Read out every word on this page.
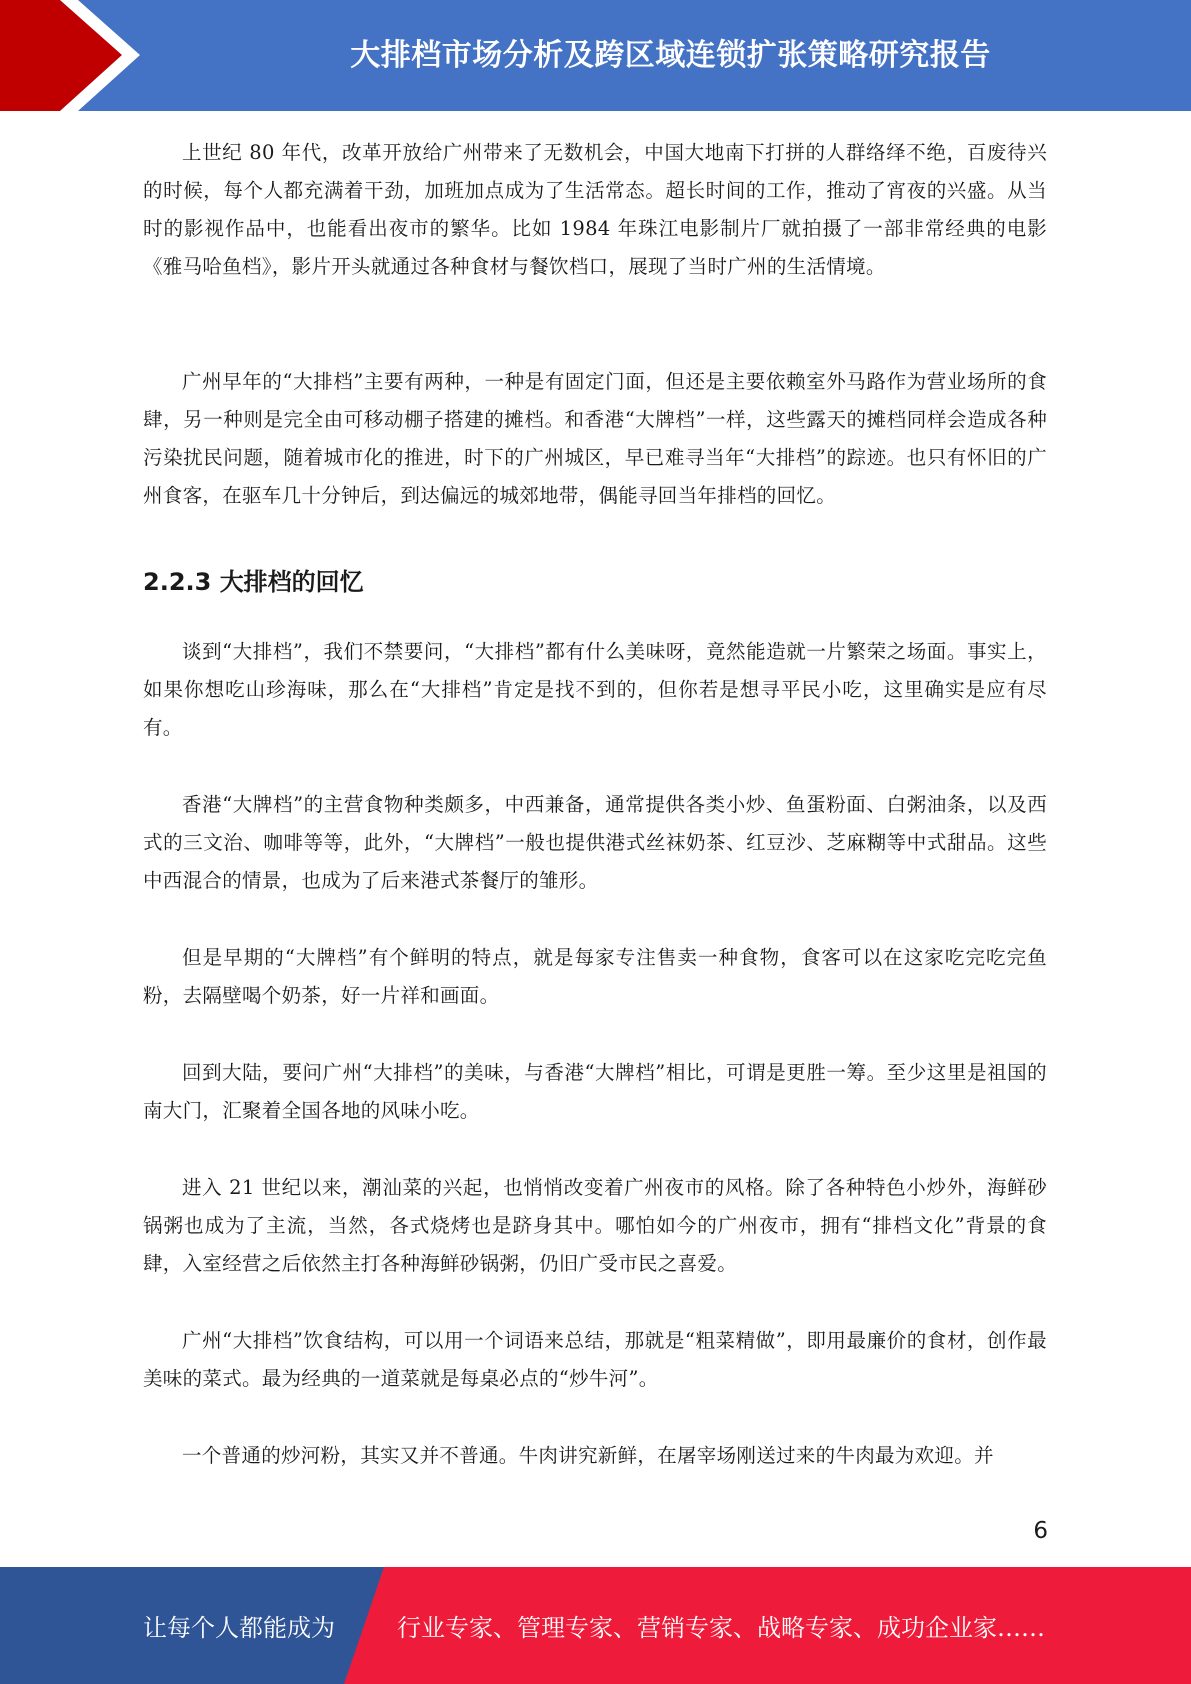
大排档市场分析及跨区域连锁扩张策略研究报告

上世纪 80 年代，改革开放给广州带来了无数机会，中国大地南下打拼的人群络绎不绝，百废待兴的时候，每个人都充满着干劲，加班加点成为了生活常态。超长时间的工作，推动了宵夜的兴盛。从当时的影视作品中，也能看出夜市的繁华。比如 1984 年珠江电影制片厂就拍摄了一部非常经典的电影《雅马哈鱼档》，影片开头就通过各种食材与餐饮档口，展现了当时广州的生活情境。

广州早年的“大排档”主要有两种，一种是有固定门面，但还是主要依赖室外马路作为营业场所的食肆，另一种则是完全由可移动棚子搭建的摊档。和香港“大牌档”一样，这些露天的摊档同样会造成各种污染扰民问题，随着城市化的推进，时下的广州城区，早已难寻当年“大排档”的踪迹。也只有怀旧的广州食客，在驱车几十分钟后，到达偏远的城郊地带，偶能寻回当年排档的回忆。

2.2.3 大排档的回忆

谈到“大排档”，我们不禁要问，“大排档”都有什么美味呀，竟然能造就一片繁荣之场面。事实上，如果你想吃山珍海味，那么在“大排档”肯定是找不到的，但你若是想寻平民小吃，这里确实是应有尽有。

香港“大牌档”的主营食物种类颇多，中西兼备，通常提供各类小炒、鱼蛋粉面、白粥油条，以及西式的三文治、咖啡等等，此外，“大牌档”一般也提供港式丝袜奶茶、红豆沙、芝麻糊等中式甜品。这些中西混合的情景，也成为了后来港式茶餐厅的雏形。

但是早期的“大牌档”有个鲜明的特点，就是每家专注售卖一种食物，食客可以在这家吃完吃完鱼粉，去隔壁喝个奶茶，好一片祥和画面。

回到大陆，要问广州“大排档”的美味，与香港“大牌档”相比，可谓是更胜一筹。至少这里是祖国的南大门，汇聚着全国各地的风味小吃。

进入 21 世纪以来，潮汕菜的兴起，也悄悄改变着广州夜市的风格。除了各种特色小炒外，海鲜砂锅粥也成为了主流，当然，各式烧烤也是跻身其中。哪怕如今的广州夜市，拥有“排档文化”背景的食肆，入室经营之后依然主打各种海鲜砂锅粥，仍旧广受市民之喜爱。

广州“大排档”饮食结构，可以用一个词语来总结，那就是“粗菜精做”，即用最廉价的食材，创作最美味的菜式。最为经典的一道菜就是每桌必点的“炒牛河”。

一个普通的炒河粉，其实又并不普通。牛肉讲究新鲜，在屠宰场刚送过来的牛肉最为欢迎。并

6
让每个人都能成为	行业专家、管理专家、营销专家、战略专家、成功企业家……
